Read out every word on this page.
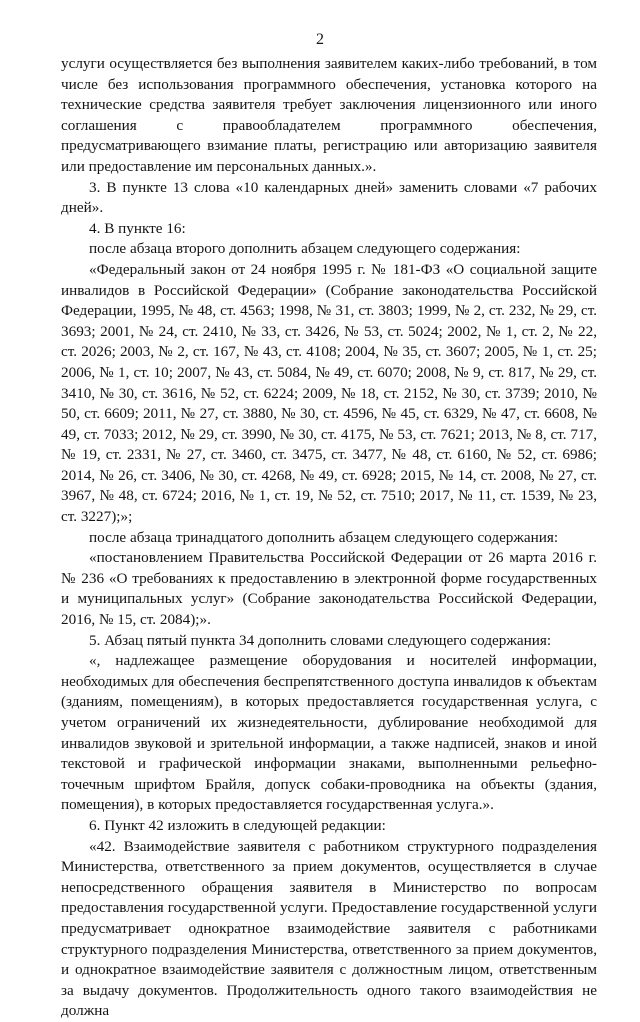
2

услуги осуществляется без выполнения заявителем каких-либо требований, в том числе без использования программного обеспечения, установка которого на технические средства заявителя требует заключения лицензионного или иного соглашения с правообладателем программного обеспечения, предусматривающего взимание платы, регистрацию или авторизацию заявителя или предоставление им персональных данных.».

3. В пункте 13 слова «10 календарных дней» заменить словами «7 рабочих дней».

4. В пункте 16:

после абзаца второго дополнить абзацем следующего содержания:

«Федеральный закон от 24 ноября 1995 г. № 181-ФЗ «О социальной защите инвалидов в Российской Федерации» (Собрание законодательства Российской Федерации, 1995, № 48, ст. 4563; 1998, № 31, ст. 3803; 1999, № 2, ст. 232, № 29, ст. 3693; 2001, № 24, ст. 2410, № 33, ст. 3426, № 53, ст. 5024; 2002, № 1, ст. 2, № 22, ст. 2026; 2003, № 2, ст. 167, № 43, ст. 4108; 2004, № 35, ст. 3607; 2005, № 1, ст. 25; 2006, № 1, ст. 10; 2007, № 43, ст. 5084, № 49, ст. 6070; 2008, № 9, ст. 817, № 29, ст. 3410, № 30, ст. 3616, № 52, ст. 6224; 2009, № 18, ст. 2152, № 30, ст. 3739; 2010, № 50, ст. 6609; 2011, № 27, ст. 3880, № 30, ст. 4596, № 45, ст. 6329, № 47, ст. 6608, № 49, ст. 7033; 2012, № 29, ст. 3990, № 30, ст. 4175, № 53, ст. 7621; 2013, № 8, ст. 717, № 19, ст. 2331, № 27, ст. 3460, ст. 3475, ст. 3477, № 48, ст. 6160, № 52, ст. 6986; 2014, № 26, ст. 3406, № 30, ст. 4268, № 49, ст. 6928; 2015, № 14, ст. 2008, № 27, ст. 3967, № 48, ст. 6724; 2016, № 1, ст. 19, № 52, ст. 7510; 2017, № 11, ст. 1539, № 23, ст. 3227);»;

после абзаца тринадцатого дополнить абзацем следующего содержания:

«постановлением Правительства Российской Федерации от 26 марта 2016 г. № 236 «О требованиях к предоставлению в электронной форме государственных и муниципальных услуг» (Собрание законодательства Российской Федерации, 2016, № 15, ст. 2084);».

5. Абзац пятый пункта 34 дополнить словами следующего содержания:

«, надлежащее размещение оборудования и носителей информации, необходимых для обеспечения беспрепятственного доступа инвалидов к объектам (зданиям, помещениям), в которых предоставляется государственная услуга, с учетом ограничений их жизнедеятельности, дублирование необходимой для инвалидов звуковой и зрительной информации, а также надписей, знаков и иной текстовой и графической информации знаками, выполненными рельефно-точечным шрифтом Брайля, допуск собаки-проводника на объекты (здания, помещения), в которых предоставляется государственная услуга.».

6. Пункт 42 изложить в следующей редакции:

«42. Взаимодействие заявителя с работником структурного подразделения Министерства, ответственного за прием документов, осуществляется в случае непосредственного обращения заявителя в Министерство по вопросам предоставления государственной услуги. Предоставление государственной услуги предусматривает однократное взаимодействие заявителя с работниками структурного подразделения Министерства, ответственного за прием документов, и однократное взаимодействие заявителя с должностным лицом, ответственным за выдачу документов. Продолжительность одного такого взаимодействия не должна
